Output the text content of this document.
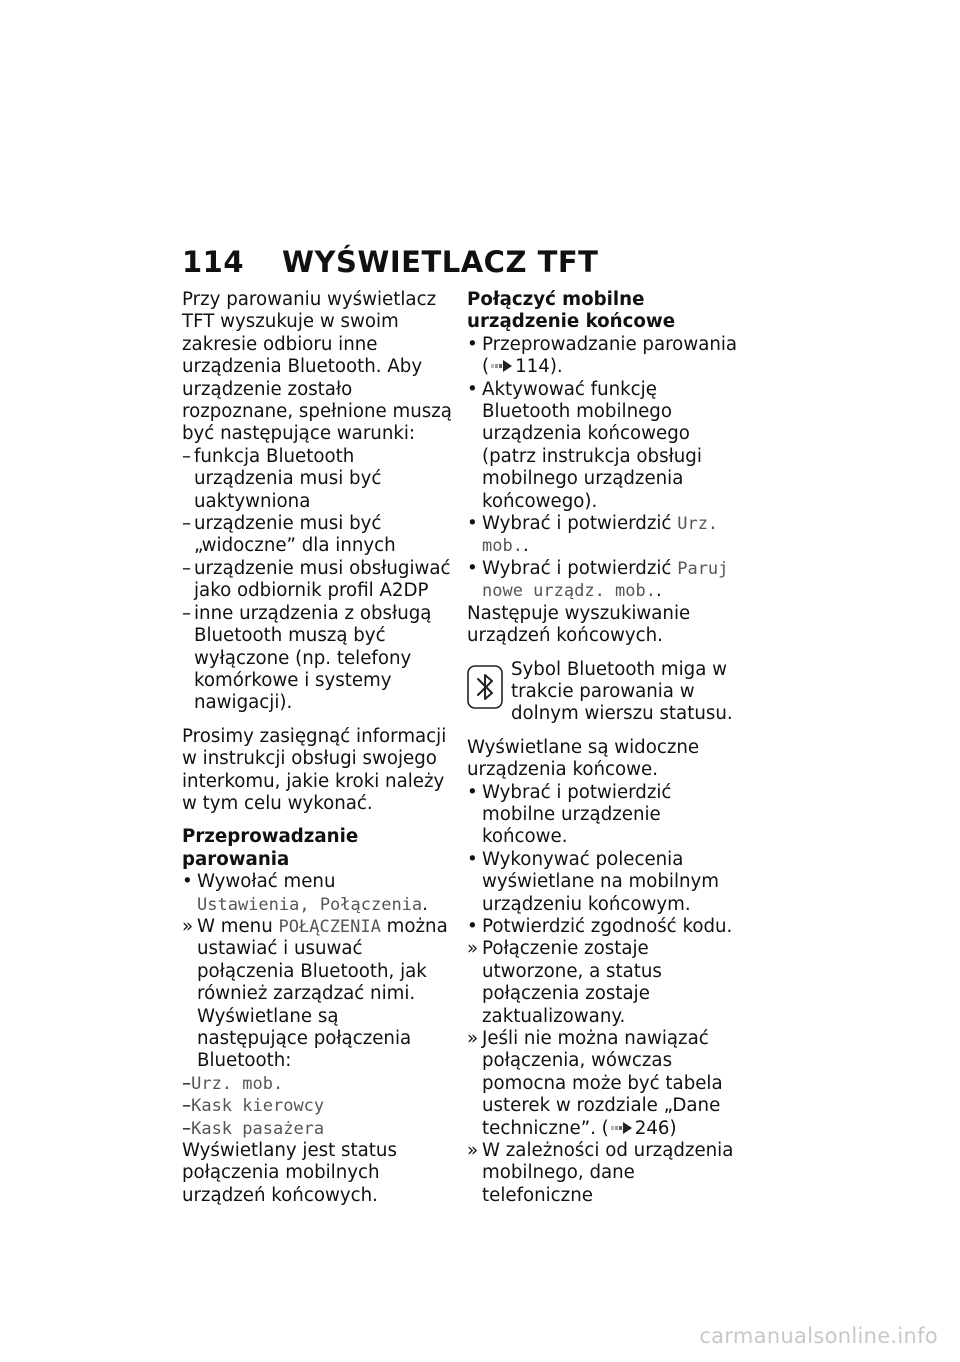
114 WYŚWIETLACZ TFT

Przy parowaniu wyświetlacz TFT wyszukuje w swoim zakresie odbioru inne urządzenia Bluetooth. Aby urządzenie zostało rozpoznane, spełnione muszą być następujące warunki:

– funkcja Bluetooth urządzenia musi być uaktywniona

– urządzenie musi być „widoczne” dla innych

– urządzenie musi obsługiwać jako odbiornik profil A2DP

– inne urządzenia z obsługą Bluetooth muszą być wyłączone (np. telefony komórkowe i systemy nawigacji).

Prosimy zasięgnąć informacji w instrukcji obsługi swojego interkomu, jakie kroki należy w tym celu wykonać.

Przeprowadzanie parowania

• Wywołać menu Ustawienia, Połączenia.

» W menu POŁĄCZENIA można ustawiać i usuwać połączenia Bluetooth, jak również zarządzać nimi. Wyświetlane są następujące połączenia Bluetooth:

–Urz. mob.

–Kask kierowcy

–Kask pasażera

Wyświetlany jest status połączenia mobilnych urządzeń końcowych.

Połączyć mobilne urządzenie końcowe

• Przeprowadzanie parowania ( 114).

• Aktywować funkcję Bluetooth mobilnego urządzenia końcowego (patrz instrukcja obsługi mobilnego urządzenia końcowego).

• Wybrać i potwierdzić Urz. mob..

• Wybrać i potwierdzić Paruj nowe urządz. mob..

Następuje wyszukiwanie urządzeń końcowych.

Sybol Bluetooth miga w trakcie parowania w dolnym wierszu statusu.

Wyświetlane są widoczne urządzenia końcowe.

• Wybrać i potwierdzić mobilne urządzenie końcowe.

• Wykonywać polecenia wyświetlane na mobilnym urządzeniu końcowym.

• Potwierdzić zgodność kodu.

» Połączenie zostaje utworzone, a status połączenia zostaje zaktualizowany.

» Jeśli nie można nawiązać połączenia, wówczas pomocna może być tabela usterek w rozdziale „Dane techniczne”. ( 246)

» W zależności od urządzenia mobilnego, dane telefoniczne

carmanualsonline.info
